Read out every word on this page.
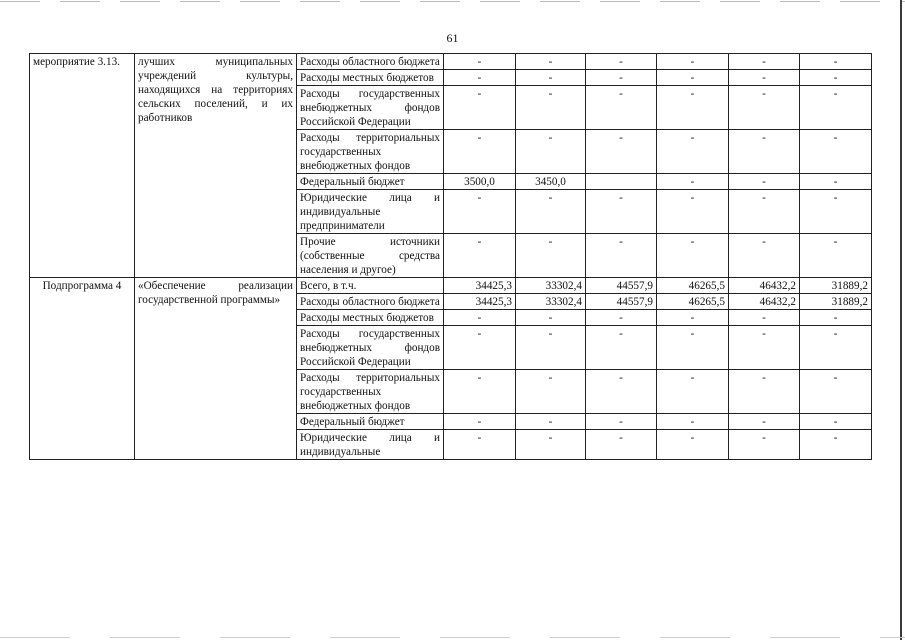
61
мероприятие 3.13.	лучших муниципальных учреждений культуры, находящихся на территориях сельских поселений, и их работников	Расходы областного бюджета	-	-	-	-	-	-
		Расходы местных бюджетов	-	-	-	-	-	-
		Расходы государственных внебюджетных фондов Российской Федерации	-	-	-	-	-	-
		Расходы территориальных государственных внебюджетных фондов	-	-	-	-	-	-
		Федеральный бюджет	3500,0	3450,0		-	-	-
		Юридические лица и индивидуальные предприниматели	-	-	-	-	-	-
		Прочие источники (собственные средства населения и другое)	-	-	-	-	-	-
Подпрограмма 4	«Обеспечение реализации государственной программы»	Всего, в т.ч.	34425,3	33302,4	44557,9	46265,5	46432,2	31889,2
		Расходы областного бюджета	34425,3	33302,4	44557,9	46265,5	46432,2	31889,2
		Расходы местных бюджетов	-	-	-	-	-	-
		Расходы государственных внебюджетных фондов Российской Федерации	-	-	-	-	-	-
		Расходы территориальных государственных внебюджетных фондов	-	-	-	-	-	-
		Федеральный бюджет	-	-	-	-	-	-
		Юридические лица и индивидуальные	-	-	-	-	-	-
